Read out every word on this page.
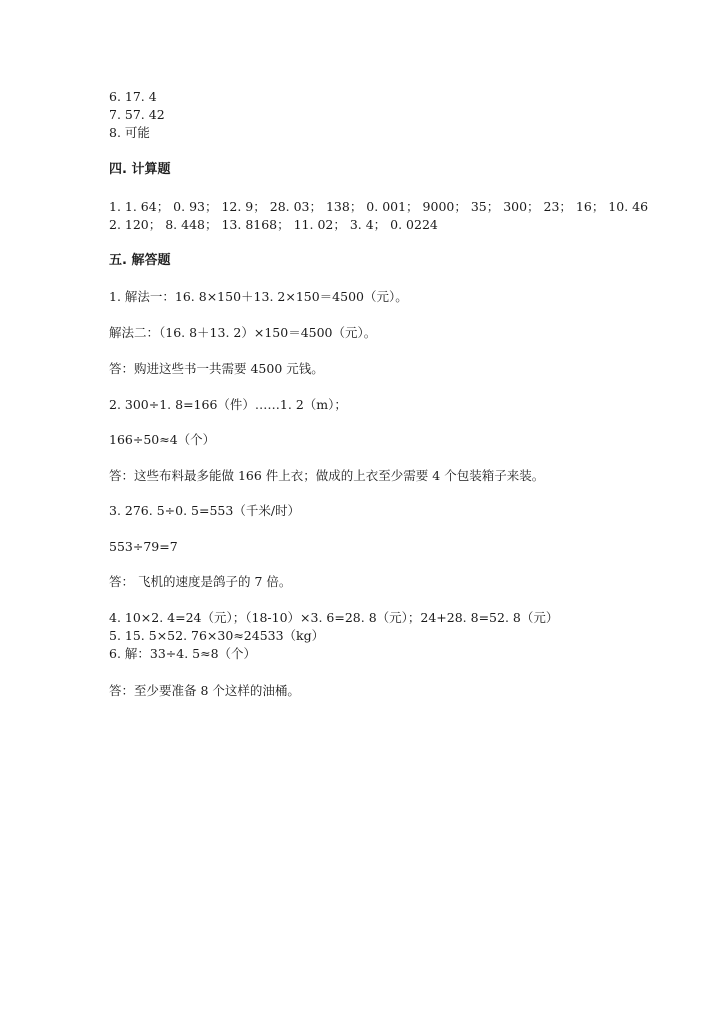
6. 17. 4
7. 57. 42
8. 可能
四. 计算题
1. 1. 64； 0. 93； 12. 9； 28. 03； 138； 0. 001； 9000； 35； 300； 23； 16； 10. 46
2. 120； 8. 448； 13. 8168； 11. 02； 3. 4； 0. 0224
五. 解答题
1. 解法一：16. 8×150＋13. 2×150＝4500（元）。
解法二：（16. 8＋13. 2）×150＝4500（元）。
答：购进这些书一共需要 4500 元钱。
2. 300÷1. 8=166（件）……1. 2（m）；
166÷50≈4（个）
答：这些布料最多能做 166 件上衣；做成的上衣至少需要 4 个包装箱子来装。
3. 276. 5÷0. 5=553（千米/时）
553÷79=7
答： 飞机的速度是鸽子的 7 倍。
4. 10×2. 4=24（元）；（18-10）×3. 6=28. 8（元）；24+28. 8=52. 8（元）
5. 15. 5×52. 76×30≈24533（kg）
6. 解：33÷4. 5≈8（个）
答：至少要准备 8 个这样的油桶。
